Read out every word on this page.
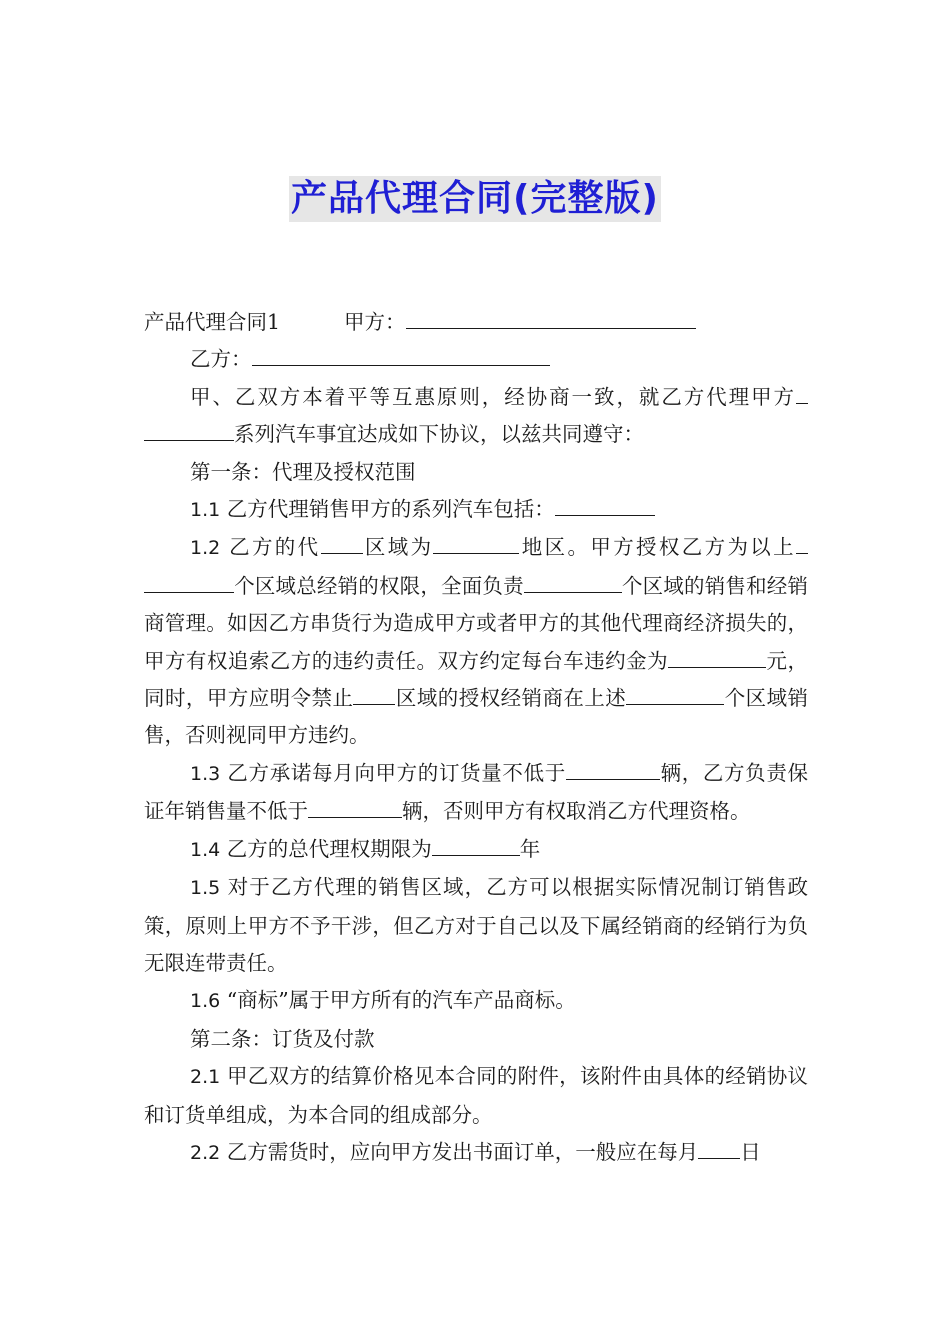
产品代理合同(完整版)

产品代理合同1	甲方：

乙方：

甲、乙双方本着平等互惠原则，经协商一致，就乙方代理甲方系列汽车事宜达成如下协议，以兹共同遵守：

第一条：代理及授权范围

1.1 乙方代理销售甲方的系列汽车包括：

1.2 乙方的代 区域为	地区。甲方授权乙方为以上个区域总经销的权限，全面负责	个区域的销售和经销商管理。如因乙方串货行为造成甲方或者甲方的其他代理商经济损失的，甲方有权追索乙方的违约责任。双方约定每台车违约金为	元，同时，甲方应明令禁止 区域的授权经销商在上述	个区域销售，否则视同甲方违约。

1.3 乙方承诺每月向甲方的订货量不低于	辆，乙方负责保证年销售量不低于	辆，否则甲方有权取消乙方代理资格。

1.4 乙方的总代理权期限为	年

1.5 对于乙方代理的销售区域，乙方可以根据实际情况制订销售政策，原则上甲方不予干涉，但乙方对于自己以及下属经销商的经销行为负无限连带责任。

1.6 “商标”属于甲方所有的汽车产品商标。

第二条：订货及付款

2.1 甲乙双方的结算价格见本合同的附件，该附件由具体的经销协议和订货单组成，为本合同的组成部分。

2.2 乙方需货时，应向甲方发出书面订单，一般应在每月 日
